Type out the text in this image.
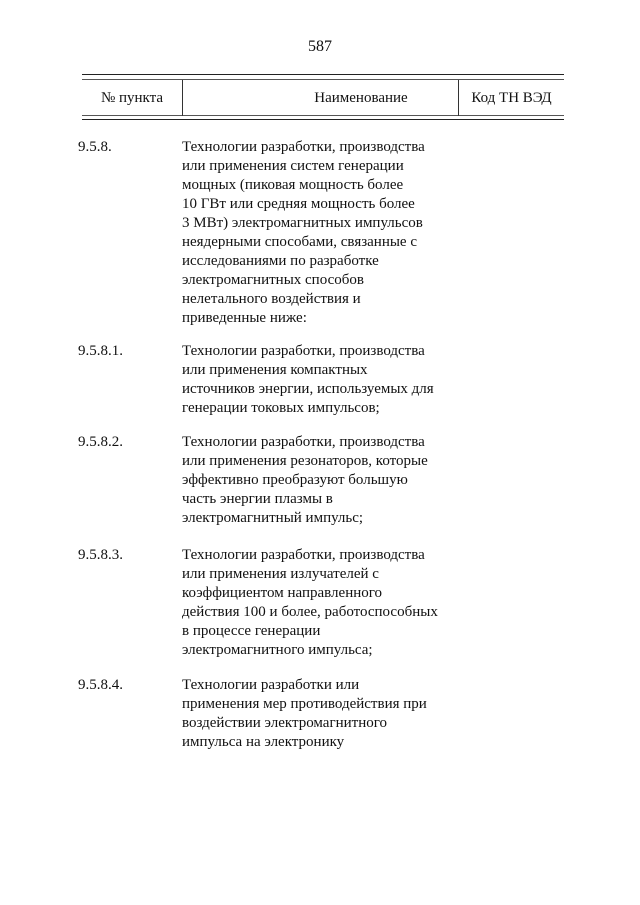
587
№ пункта	Наименование	Код ТН ВЭД
9.5.8.	Технологии разработки, производства
или применения систем генерации
мощных (пиковая мощность более
10 ГВт или средняя мощность более
3 МВт) электромагнитных импульсов
неядерными способами, связанные с
исследованиями по разработке
электромагнитных способов
нелетального воздействия и
приведенные ниже:
9.5.8.1.	Технологии разработки, производства
или применения компактных
источников энергии, используемых для
генерации токовых импульсов;
9.5.8.2.	Технологии разработки, производства
или применения резонаторов, которые
эффективно преобразуют большую
часть энергии плазмы в
электромагнитный импульс;
9.5.8.3.	Технологии разработки, производства
или применения излучателей с
коэффициентом направленного
действия 100 и более, работоспособных
в процессе генерации
электромагнитного импульса;
9.5.8.4.	Технологии разработки или
применения мер противодействия при
воздействии электромагнитного
импульса на электронику
